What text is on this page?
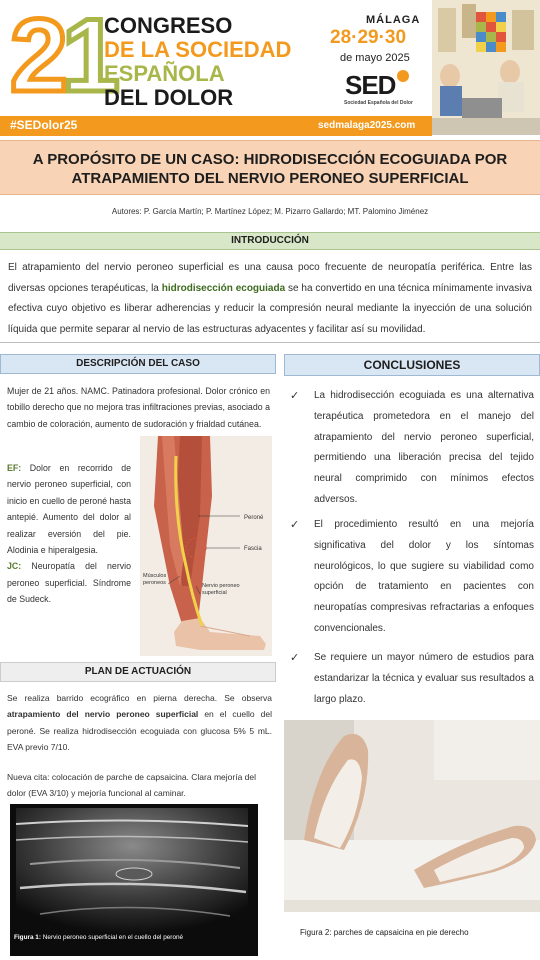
21
CONGRESO
DE LA SOCIEDAD
ESPAÑOLA
DEL DOLOR
MÁLAGA
28·29·30
de mayo 2025
SED
Sociedad Española del Dolor
#SEDolor25	sedmalaga2025.com
A PROPÓSITO DE UN CASO: HIDRODISECCIÓN ECOGUIADA POR ATRAPAMIENTO DEL NERVIO PERONEO SUPERFICIAL
Autores: P. García Martín; P. Martínez López; M. Pizarro Gallardo; MT. Palomino Jiménez
INTRODUCCIÓN
El atrapamiento del nervio peroneo superficial es una causa poco frecuente de neuropatía periférica. Entre las diversas opciones terapéuticas, la hidrodisección ecoguiada se ha convertido en una técnica mínimamente invasiva efectiva cuyo objetivo es liberar adherencias y reducir la compresión neural mediante la inyección de una solución líquida que permite separar al nervio de las estructuras adyacentes y facilitar así su movilidad.
DESCRIPCIÓN DEL CASO
Mujer de 21 años. NAMC. Patinadora profesional. Dolor crónico en tobillo derecho que no mejora tras infiltraciones previas, asociado a cambio de coloración, aumento de sudoración y frialdad cutánea.
EF: Dolor en recorrido de nervio peroneo superficial, con inicio en cuello de peroné hasta antepié. Aumento del dolor al realizar eversión del pie. Alodinia e hiperalgesia.
JC: Neuropatía del nervio peroneo superficial. Síndrome de Sudeck.
Peroné
Fascia
Músculos peroneos	Nervio peroneo superficial
PLAN DE ACTUACIÓN
Se realiza barrido ecográfico en pierna derecha. Se observa atrapamiento del nervio peroneo superficial en el cuello del peroné. Se realiza hidrodisección ecoguiada con glucosa 5% 5 mL. EVA previo 7/10.
Nueva cita: colocación de parche de capsaicina. Clara mejoría del dolor (EVA 3/10) y mejoría funcional al caminar.
Figura 1: Nervio peroneo superficial en el cuello del peroné
CONCLUSIONES
✓ La hidrodisección ecoguiada es una alternativa terapéutica prometedora en el manejo del atrapamiento del nervio peroneo superficial, permitiendo una liberación precisa del tejido neural comprimido con mínimos efectos adversos.
✓ El procedimiento resultó en una mejoría significativa del dolor y los síntomas neurológicos, lo que sugiere su viabilidad como opción de tratamiento en pacientes con neuropatías compresivas refractarias a enfoques convencionales.
✓ Se requiere un mayor número de estudios para estandarizar la técnica y evaluar sus resultados a largo plazo.
Figura 2: parches de capsaicina en pie derecho
